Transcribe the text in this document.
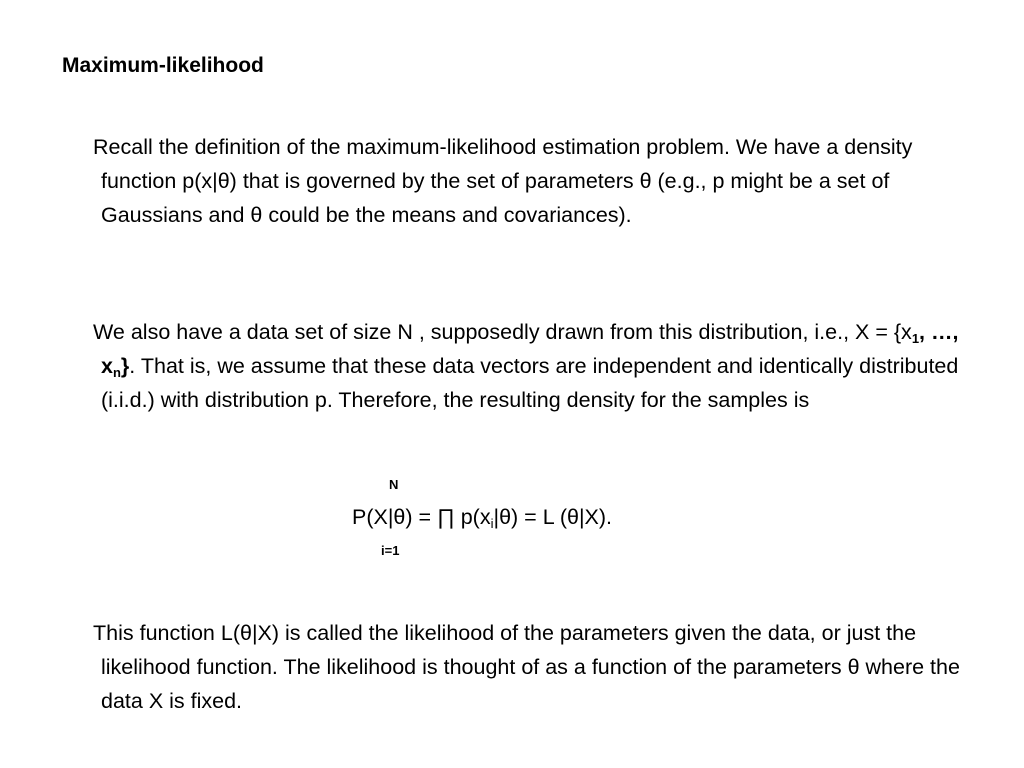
Maximum-likelihood

Recall the definition of the maximum-likelihood estimation problem. We have a density function p(x|θ) that is governed by the set of parameters θ (e.g., p might be a set of Gaussians and θ could be the means and covariances).

We also have a data set of size N , supposedly drawn from this distribution, i.e., $X = \{x_1$, …, $x_n$}. That is, we assume that these data vectors are independent and identically distributed (i.i.d.) with distribution p. Therefore, the resulting density for the samples is

N
P(X|θ) = ∏ $p(x_i|\theta) = L$ (θ|X).
i=1

This function L(θ|X) is called the likelihood of the parameters given the data, or just the likelihood function. The likelihood is thought of as a function of the parameters θ where the data X is fixed.
